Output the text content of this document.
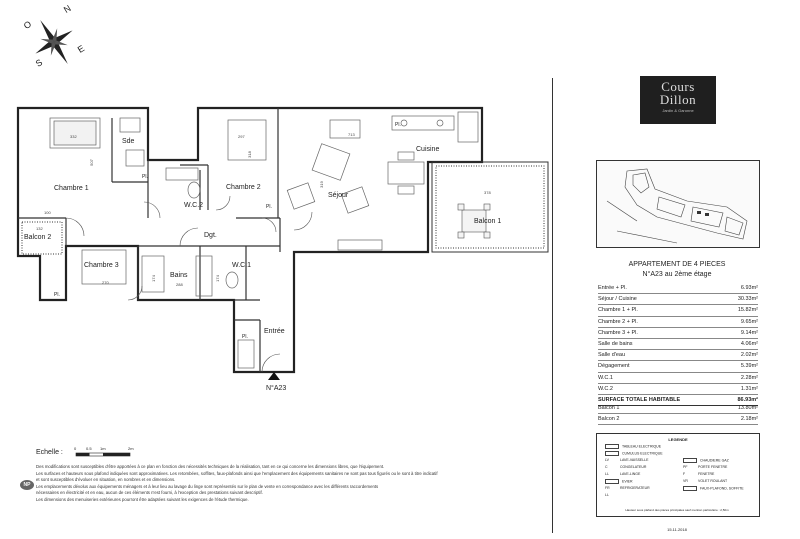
N
E
S
O
Chambre 1
Sde
Chambre 2
W.C.2
Séjour
Cuisine
Balcon 1
Balcon 2	Dgt.
Chambre 3
Bains
W.C.1
Entrée
Pl.
Pl.
Pl.
Pl.
Pl.
N°A23
332	297
318
713
378
319
270	288
174	174
132
507
100
Echelle :
0 0.5 1m	2m
NP
Des modifications sont susceptibles d'être apportées à ce plan en fonction des nécessités techniques de la réalisation, tant en ce qui concerne les dimensions libres, que l'équipement.
Les surfaces et hauteurs sous plafond indiquées sont approximatives. Les retombées, soffites, faux-plafonds ainsi que l'emplacement des équipements sanitaires ne sont pas tous figurés ou le sont à titre indicatif
et sont susceptibles d'évoluer en situation, en nombres et en dimensions.
Les emplacements dévolus aux équipements ménagers et à leur lieu au lavage du linge sont représentés sur le plan de vente en correspondance avec les différents raccordements
nécessaires en électricité et en eau, aucun de ces éléments n'est fourni, à l'exception des prestations suivant descriptif.
Les dimensions des menuiseries extérieures pourront être adaptées suivant les exigences de l'étude thermique.
Cours
Dillon
Jardin & Garonne
APPARTEMENT DE 4 PIECES
N°A23 au 2ème étage
Entrée + Pl.	6.93m²
Séjour / Cuisine	30.33m²
Chambre 1 + Pl.	15.82m²
Chambre 2 + Pl.	9.65m²
Chambre 3 + Pl.	9.14m²
Salle de bains	4.06m²
Salle d'eau	2.02m²
Dégagement	5.39m²
W.C.1	2.28m²
W.C.2	1.31m²
SURFACE TOTALE HABITABLE	86.93m²
Balcon 1	13.80m²
Balcon 2	2.18m²
LEGENDE
TABLEAU ELECTRIQUE
CUMULUS ELECTRIQUE
LV	LAVE-VAISSELLE
C	CONGELATEUR
LL	LAVE-LINGE
EVIER
FR	REFRIGERATEUR
CHAUDIERE GAZ
PF	PORTE FENETRE
F	FENETRE
VR	VOLET ROULANT
FAUX-PLAFOND, SOFFITE
LL
Hauteur sous plafond des pièces principales sauf mention particulière : 2,50m
15.11.2018
